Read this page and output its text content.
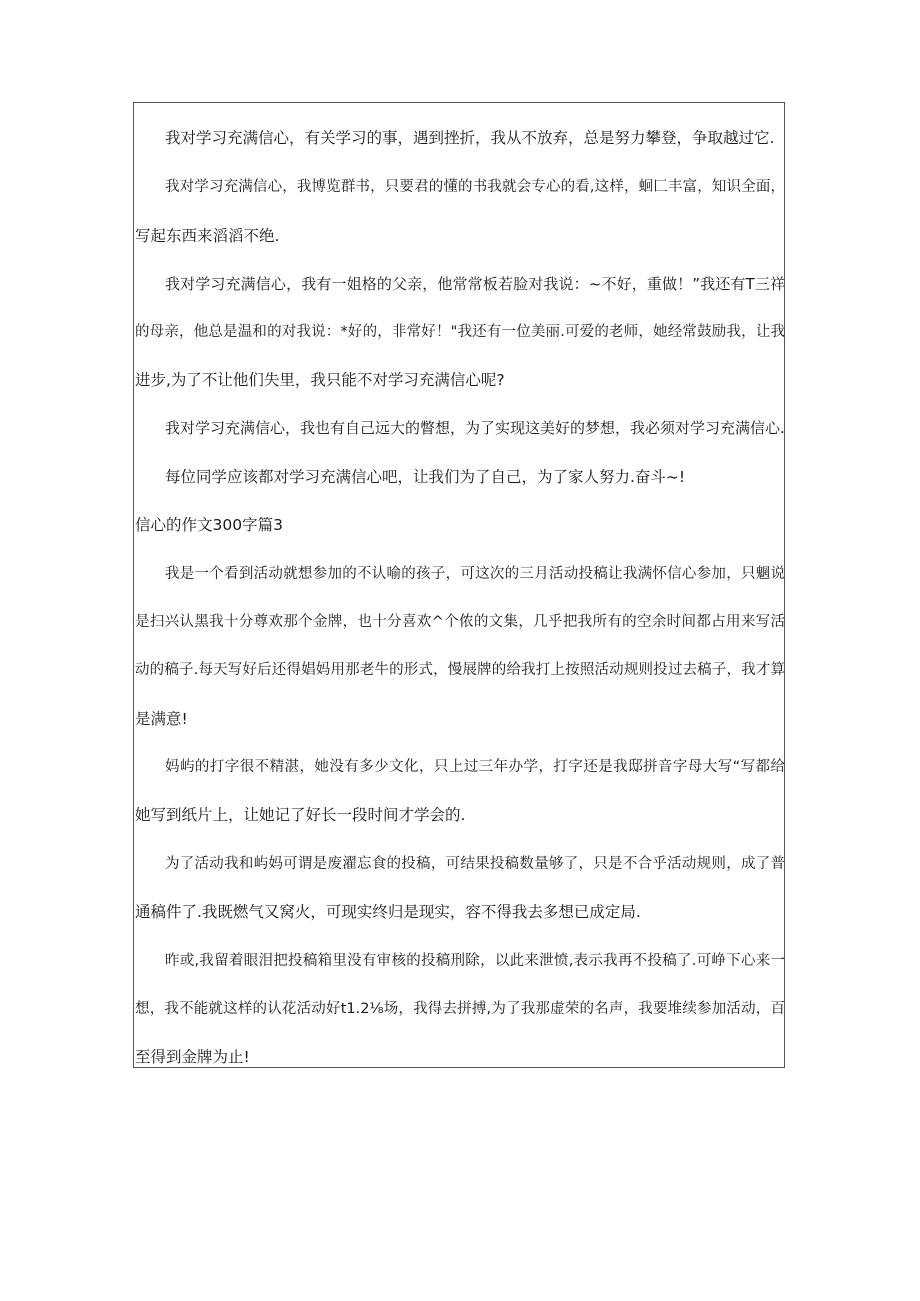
我对学习充满信心，有关学习的事，遇到挫折，我从不放弃，总是努力攀登，争取越过它.
我对学习充满信心，我博览群书，只要君的懂的书我就会专心的看,这样，蛔匚丰富，知识全面，
写起东西来滔滔不绝.
我对学习充满信心，我有一姐格的父亲，他常常板若脸对我说：~不好，重做！”我还有T三祥
的母亲，他总是温和的对我说：*好的，非常好！"我还有一位美丽.可爱的老师，她经常鼓励我，让我
进步,为了不让他们失里，我只能不对学习充满信心呢?
我对学习充满信心，我也有自己远大的瞥想，为了实现这美好的梦想，我必须对学习充满信心.
每位同学应该都对学习充满信心吧，让我们为了自己，为了家人努力.奋斗~!
信心的作文300字篇3
我是一个看到活动就想参加的不认喻的孩子，可这次的三月活动投稿让我满怀信心参加，只魍说
是扫兴认黑我十分尊欢那个金牌，也十分喜欢^个侬的文集，几乎把我所有的空余时间都占用来写活
动的稿子.每天写好后还得娼妈用那老牛的形式，慢展牌的给我打上按照活动规则投过去稿子，我才算
是满意!
妈屿的打字很不精湛，她没有多少文化，只上过三年办学，打字还是我邸拼音字母大写“写都给
她写到纸片上，让她记了好长一段时间才学会的.
为了活动我和屿妈可谓是废濯忘食的投稿，可结果投稿数量够了，只是不合乎活动规则，成了普
通稿件了.我既燃气又窝火，可现实终归是现实，容不得我去多想已成定局.
昨或,我留着眼泪把投稿箱里没有审核的投稿刑除，以此来泄愤,表示我再不投稿了.可峥下心来一
想，我不能就这样的认花活动好t1.2⅛场，我得去拼搏,为了我那虚荣的名声，我要堆续参加活动，百
至得到金牌为止!
